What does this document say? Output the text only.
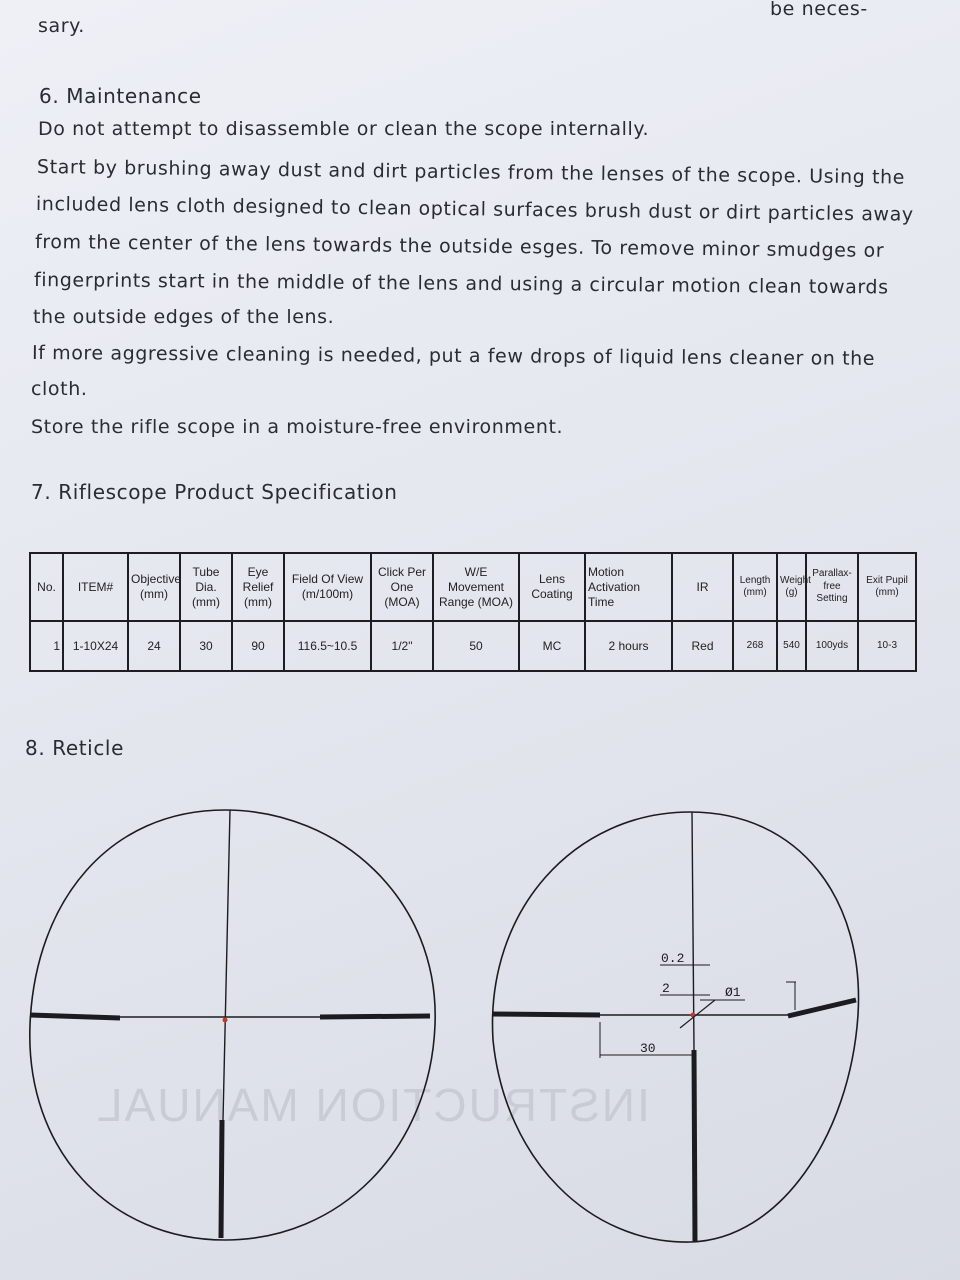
sary.
be neces-
6. Maintenance
Do not attempt to disassemble or clean the scope internally.
Start by brushing away dust and dirt particles from the lenses of the scope. Using the
included lens cloth designed to clean optical surfaces brush dust or dirt particles away
from the center of the lens towards the outside esges. To remove minor smudges or
fingerprints start in the middle of the lens and using a circular motion clean towards
the outside edges of the lens.
If more aggressive cleaning is needed, put a few drops of liquid lens cleaner on the
cloth.
Store the rifle scope in a moisture-free environment.
7. Riflescope Product Specification
No.	ITEM#	Objective (mm)	Tube Dia. (mm)	Eye Relief (mm)	Field Of View (m/100m)	Click Per One (MOA)	W/E Movement Range (MOA)	Lens Coating	Motion Activation Time	IR	Length (mm)	Weight (g)	Parallax-free Setting	Exit Pupil (mm)
1	1-10X24	24	30	90	116.5~10.5	1/2"	50	MC	2 hours	Red	268	540	100yds	10-3
8. Reticle
INSTRUCTION MANUAL
0.2
2	Ø1
30
